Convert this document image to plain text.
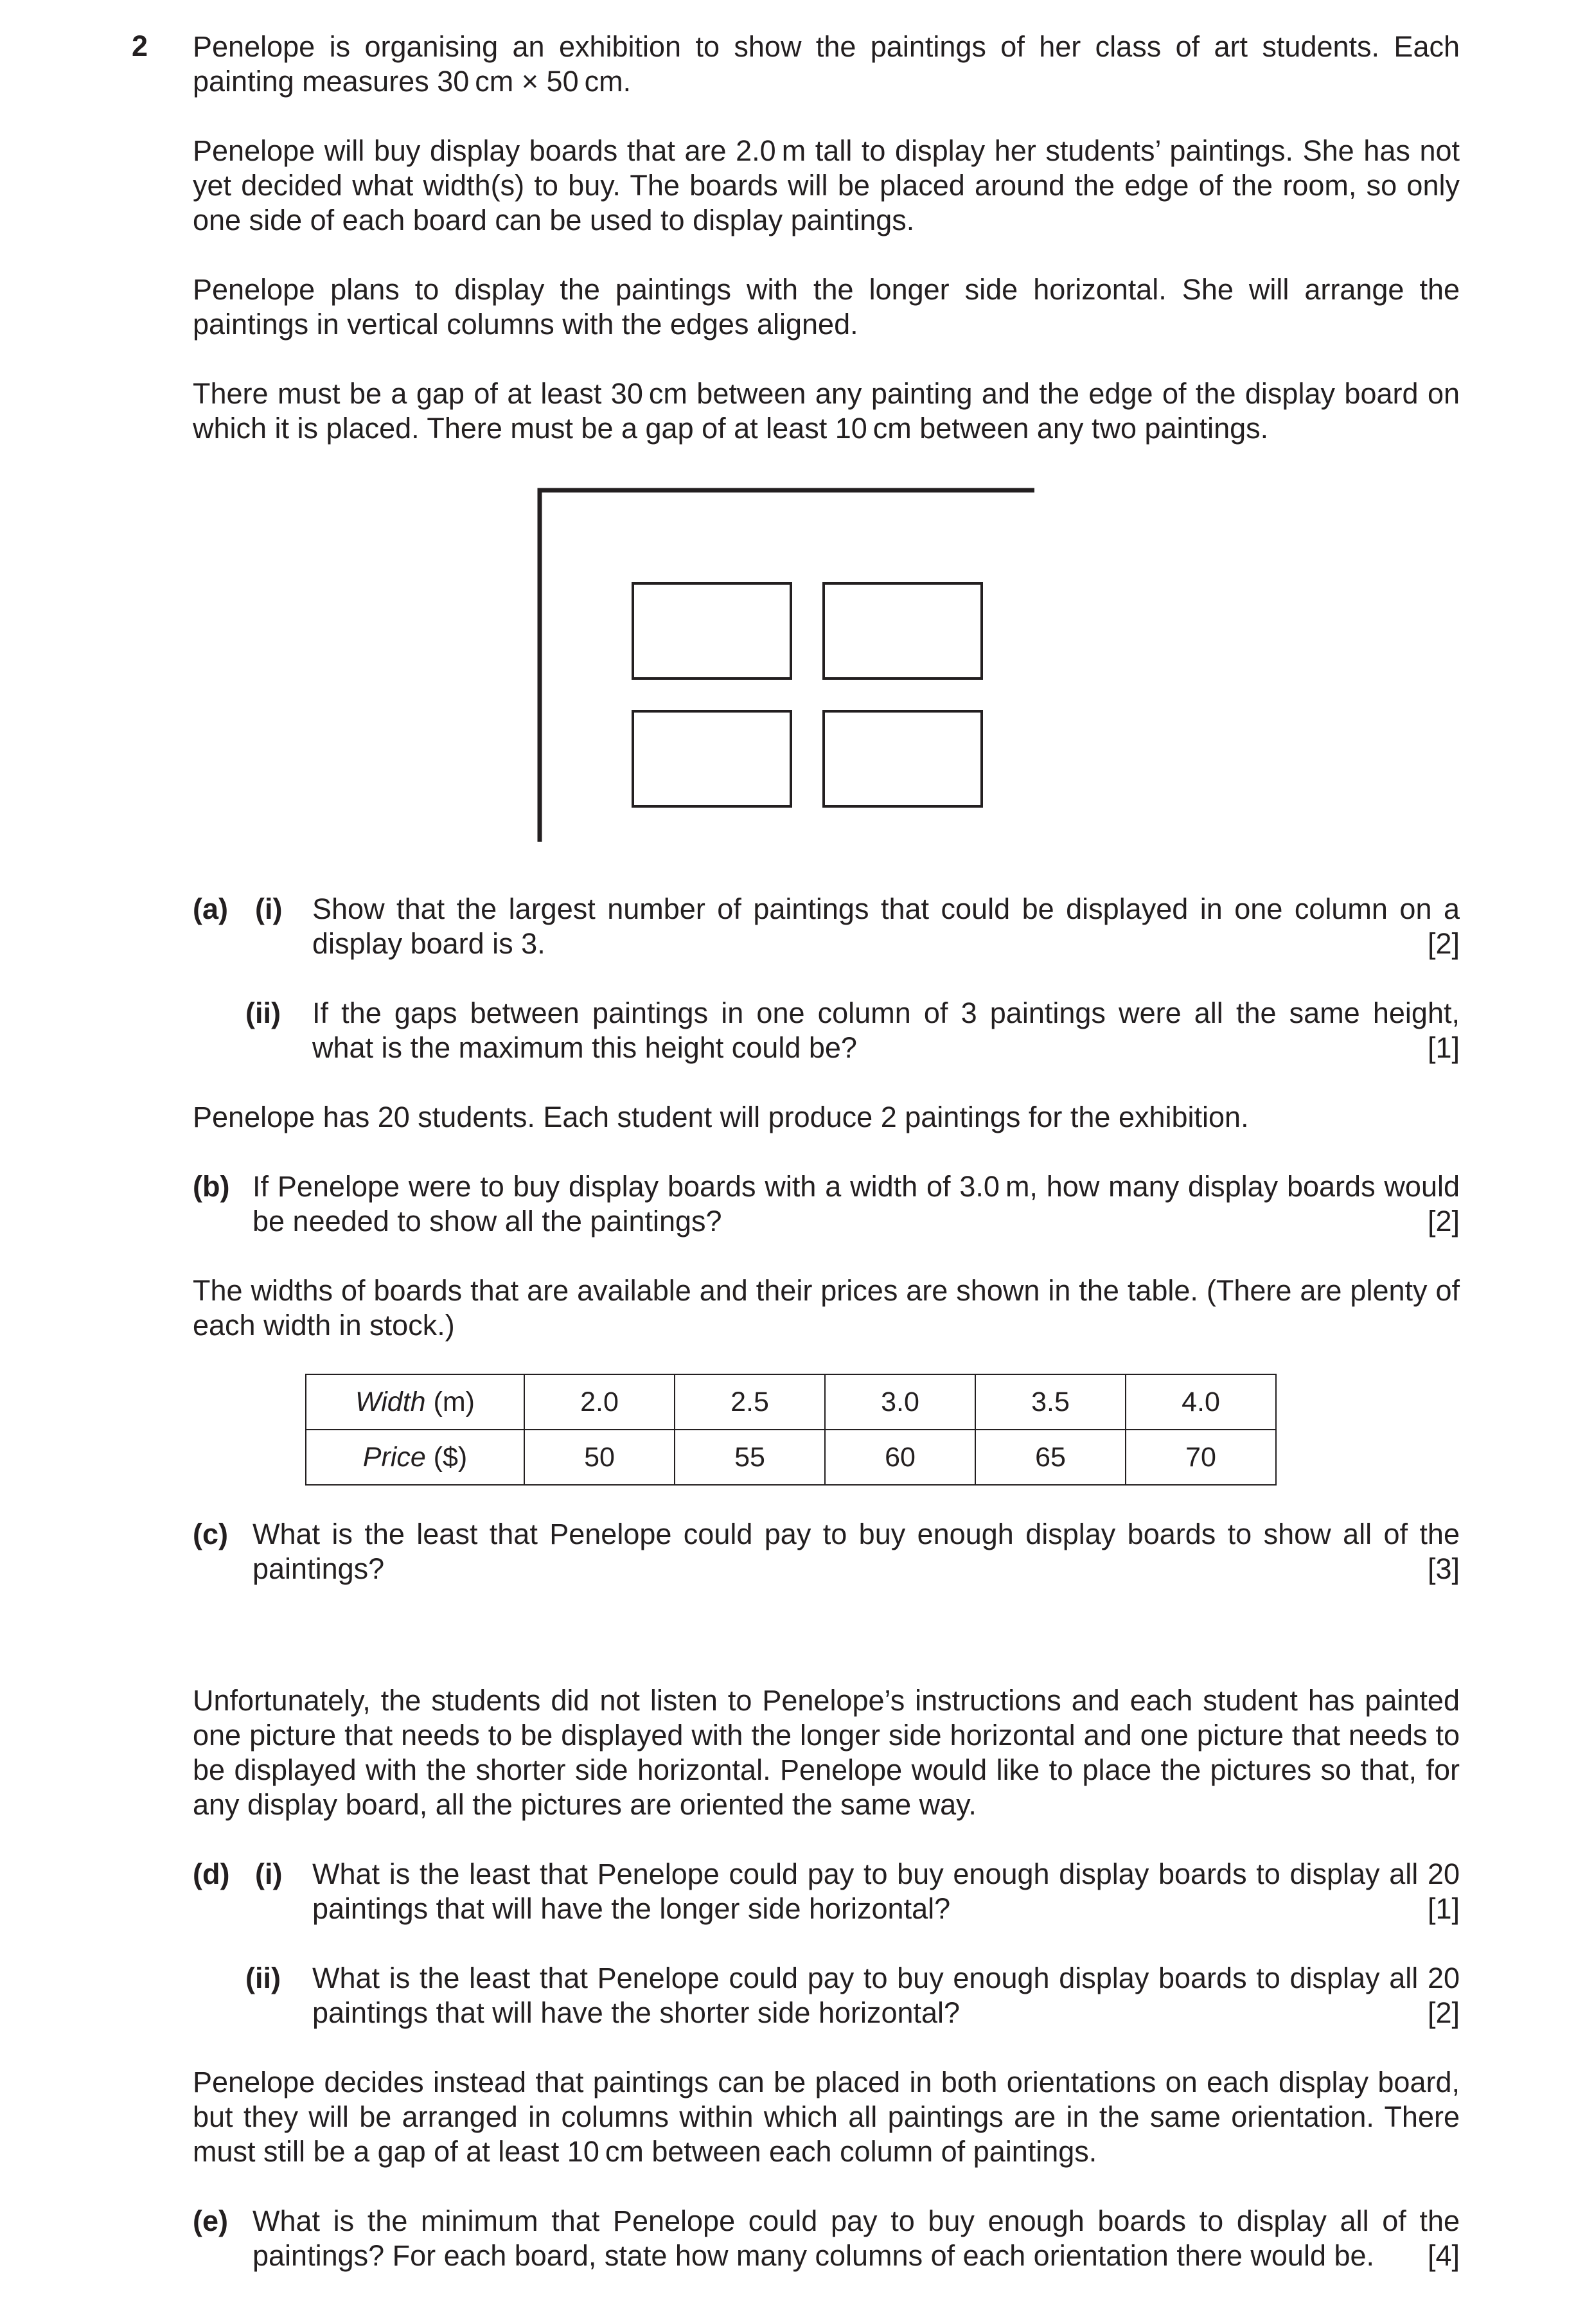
2 Penelope is organising an exhibition to show the paintings of her class of art students. Each painting measures 30 cm × 50 cm.

Penelope will buy display boards that are 2.0 m tall to display her students’ paintings. She has not yet decided what width(s) to buy. The boards will be placed around the edge of the room, so only one side of each board can be used to display paintings.

Penelope plans to display the paintings with the longer side horizontal. She will arrange the paintings in vertical columns with the edges aligned.

There must be a gap of at least 30 cm between any painting and the edge of the display board on which it is placed. There must be a gap of at least 10 cm between any two paintings.

(a) (i) Show that the largest number of paintings that could be displayed in one column on a
display board is 3.	[2]
(ii) If the gaps between paintings in one column of 3 paintings were all the same height,
what is the maximum this height could be?	[1]

Penelope has 20 students. Each student will produce 2 paintings for the exhibition.

(b) If Penelope were to buy display boards with a width of 3.0 m, how many display boards would
be needed to show all the paintings?	[2]

The widths of boards that are available and their prices are shown in the table. (There are plenty of each width in stock.)

Width (m)	2.0	2.5	3.0	3.5	4.0
Price ($)	50	55	60	65	70
(c) What is the least that Penelope could pay to buy enough display boards to show all of the
paintings?	[3]

Unfortunately, the students did not listen to Penelope’s instructions and each student has painted one picture that needs to be displayed with the longer side horizontal and one picture that needs to be displayed with the shorter side horizontal. Penelope would like to place the pictures so that, for any display board, all the pictures are oriented the same way.

(d) (i) What is the least that Penelope could pay to buy enough display boards to display all 20
paintings that will have the longer side horizontal?	[1]
(ii) What is the least that Penelope could pay to buy enough display boards to display all 20
paintings that will have the shorter side horizontal?	[2]

Penelope decides instead that paintings can be placed in both orientations on each display board, but they will be arranged in columns within which all paintings are in the same orientation. There must still be a gap of at least 10 cm between each column of paintings.

(e) What is the minimum that Penelope could pay to buy enough boards to display all of the
paintings? For each board, state how many columns of each orientation there would be. [4]
